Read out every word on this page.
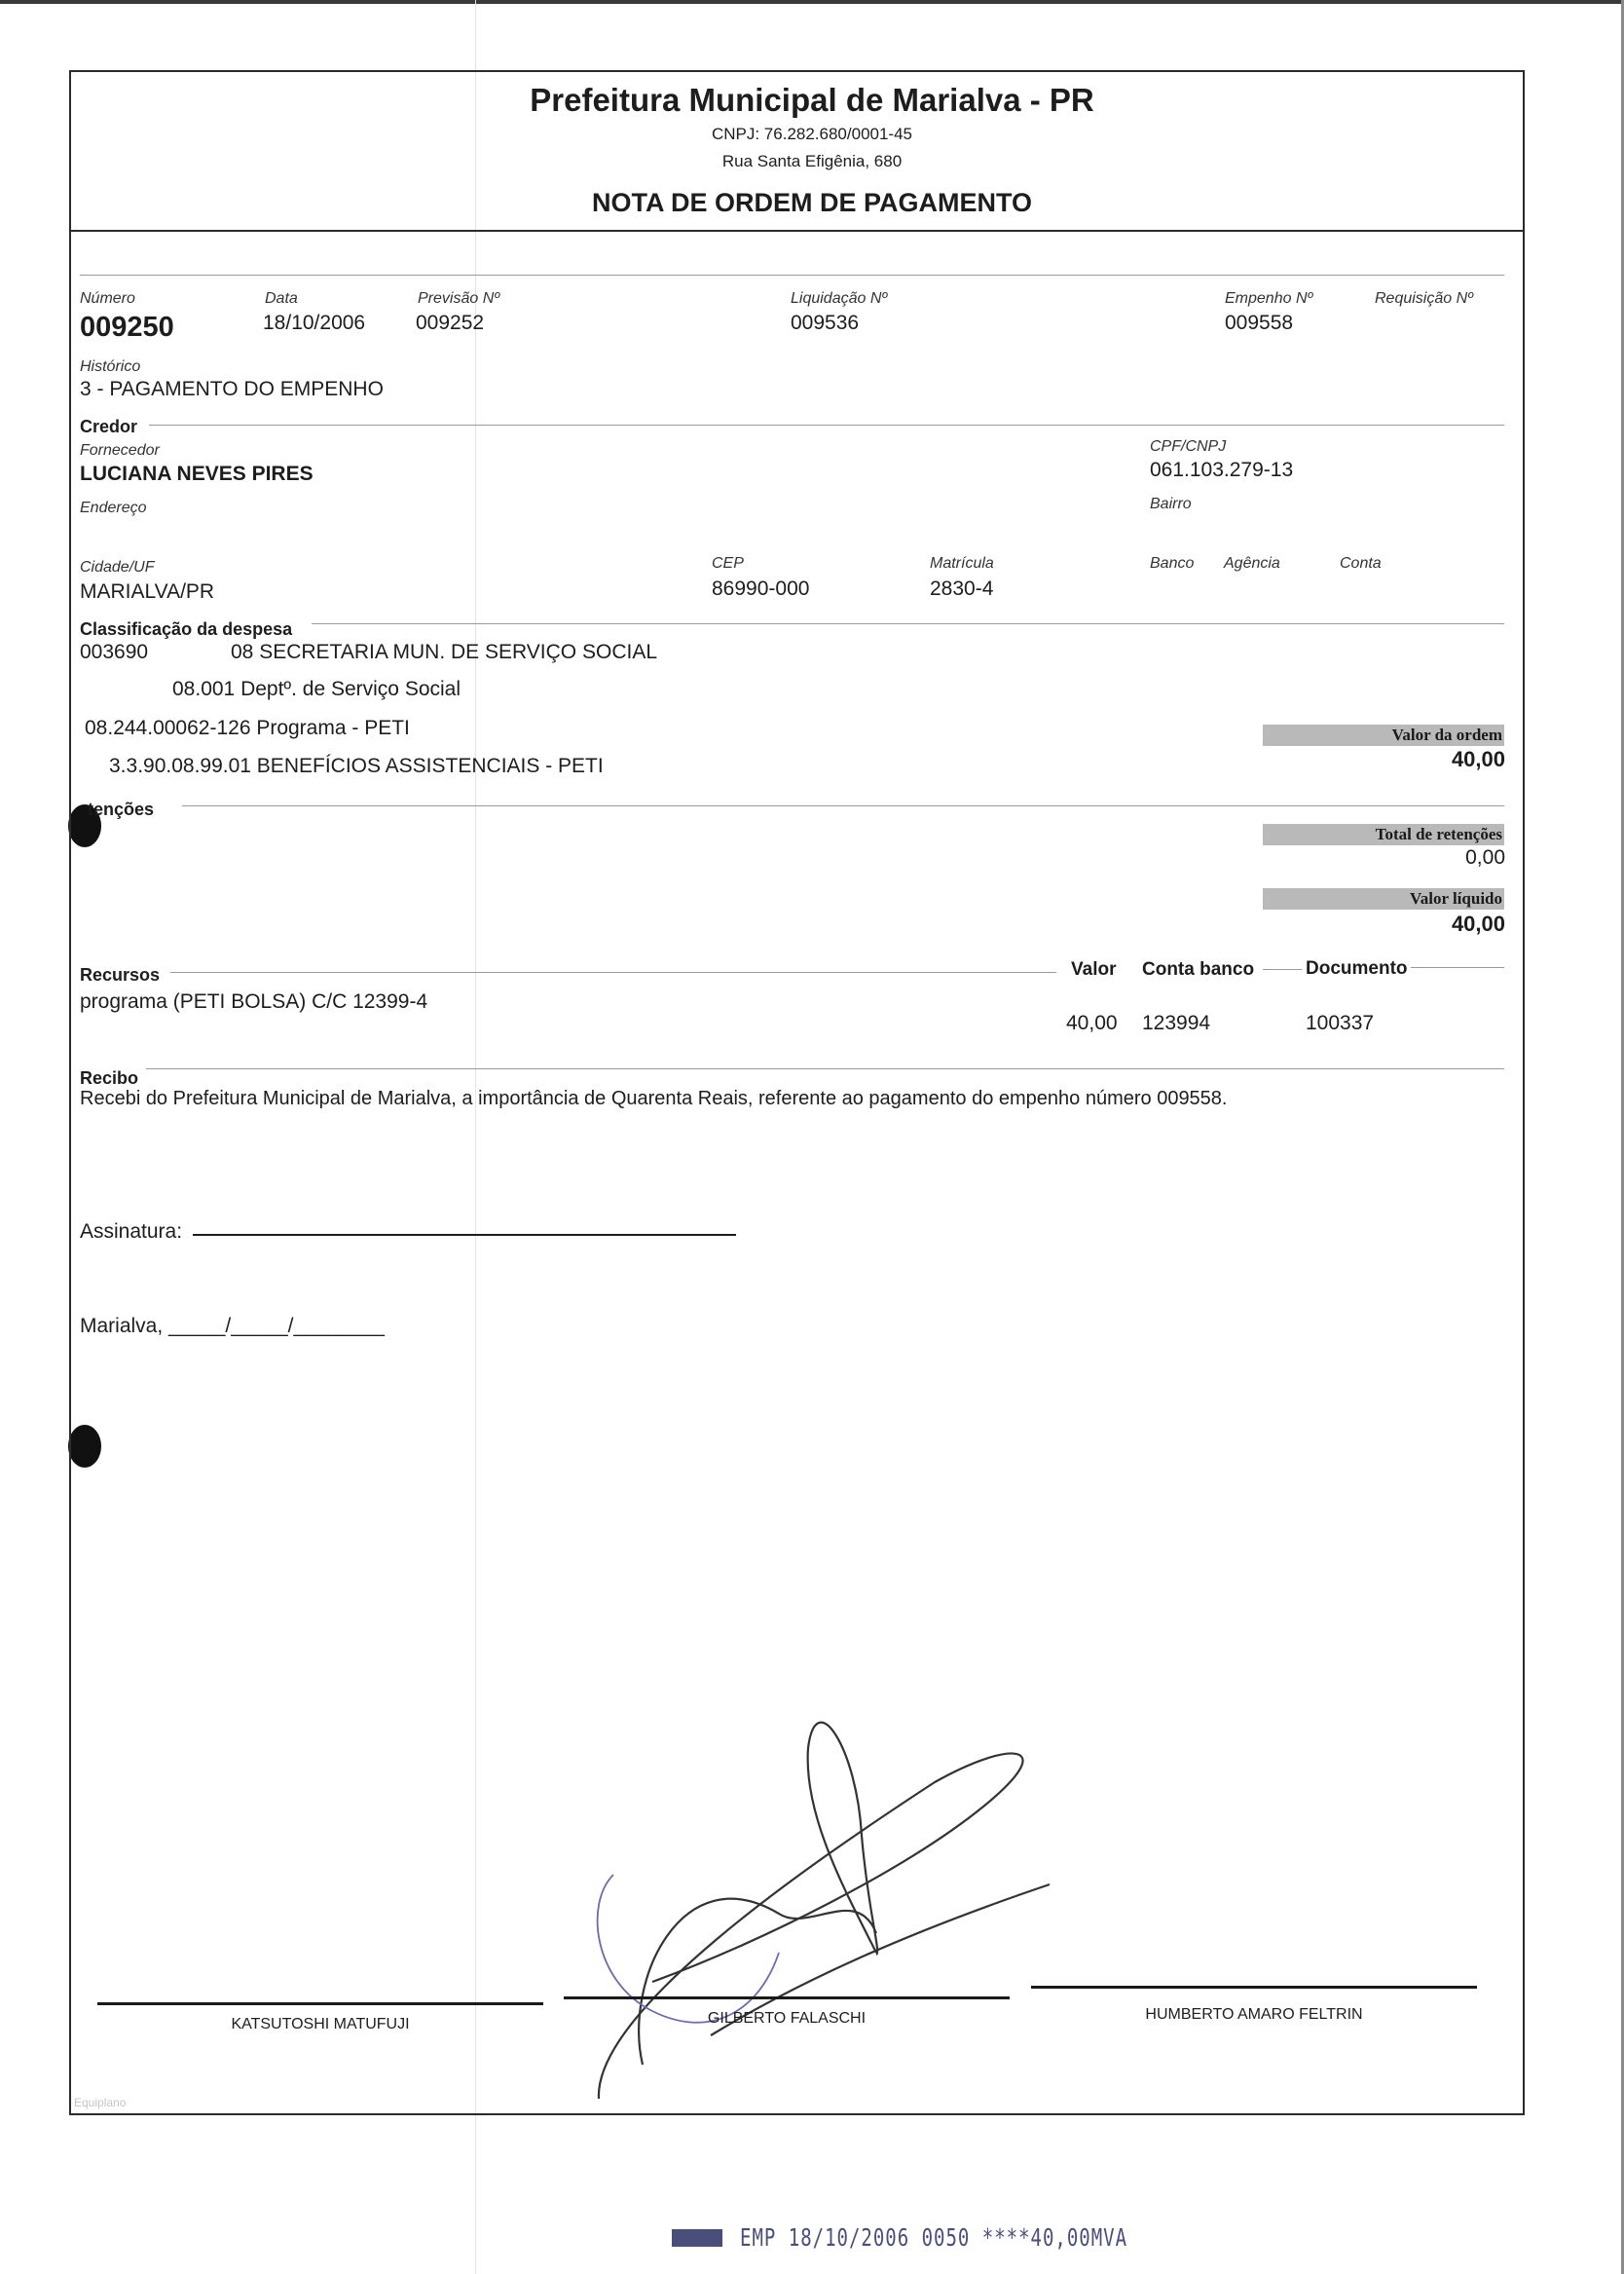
Prefeitura Municipal de Marialva - PR
CNPJ: 76.282.680/0001-45
Rua Santa Efigênia, 680
NOTA DE ORDEM DE PAGAMENTO
Número
009250
Data
18/10/2006
Previsão Nº
009252
Liquidação Nº
009536
Empenho Nº
009558
Requisição Nº
Histórico
3 - PAGAMENTO DO EMPENHO
Credor
Fornecedor
LUCIANA NEVES PIRES
CPF/CNPJ
061.103.279-13
Endereço	Bairro
Cidade/UF
MARIALVA/PR
CEP
86990-000
Matrícula
2830-4
Banco Agência	Conta
Classificação da despesa
003690	08 SECRETARIA MUN. DE SERVIÇO SOCIAL
08.001 Deptº. de Serviço Social
08.244.00062-126 Programa - PETI
3.3.90.08.99.01 BENEFÍCIOS ASSISTENCIAIS - PETI
Valor da ordem
40,00
tenções
Total de retenções
0,00
Valor líquido
40,00
Recursos	Valor Conta banco	Documento
programa (PETI BOLSA) C/C 12399-4
40,00 123994	100337
Recibo
Recebi do Prefeitura Municipal de Marialva, a importância de Quarenta Reais, referente ao pagamento do empenho número 009558.
Assinatura:
Marialva, _____/_____/________
KATSUTOSHI MATUFUJI	GILBERTO FALASCHI	HUMBERTO AMARO FELTRIN
Equiplano
EMP 18/10/2006 0050 ****40,00MVA
